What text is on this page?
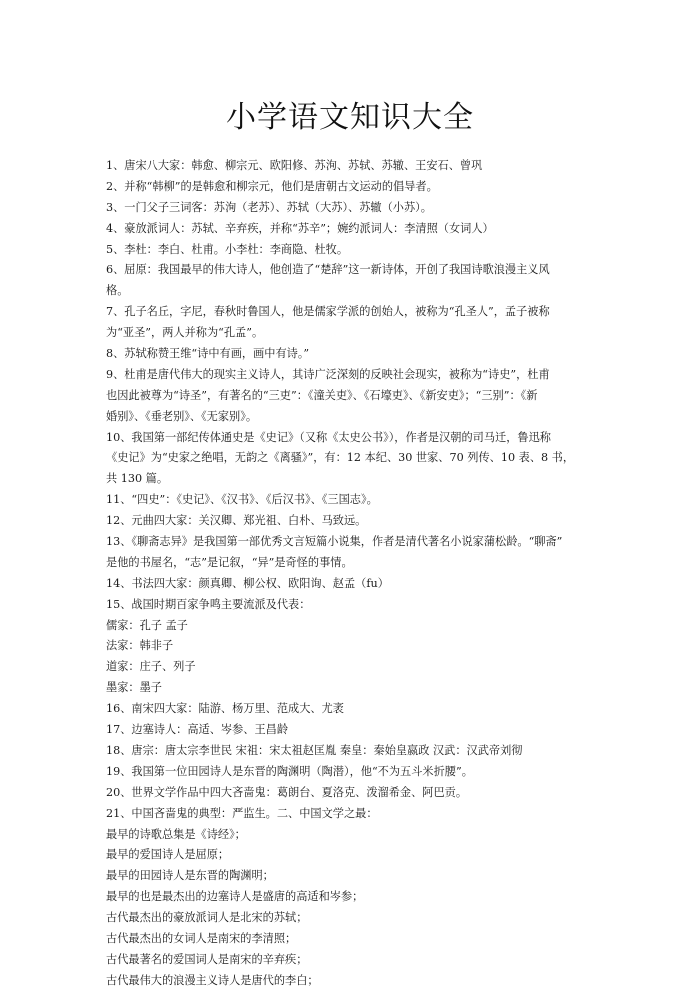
小学语文知识大全
1、唐宋八大家：韩愈、柳宗元、欧阳修、苏洵、苏轼、苏辙、王安石、曾巩
2、并称“韩柳”的是韩愈和柳宗元，他们是唐朝古文运动的倡导者。
3、一门父子三词客：苏洵（老苏）、苏轼（大苏）、苏辙（小苏）。
4、豪放派词人：苏轼、辛弃疾，并称“苏辛”；婉约派词人：李清照（女词人）
5、李杜：李白、杜甫。小李杜：李商隐、杜牧。
6、屈原：我国最早的伟大诗人，他创造了“楚辞”这一新诗体，开创了我国诗歌浪漫主义风
格。
7、孔子名丘，字尼，春秋时鲁国人，他是儒家学派的创始人，被称为“孔圣人”，孟子被称
为“亚圣”，两人并称为“孔孟”。
8、苏轼称赞王维“诗中有画，画中有诗。”
9、杜甫是唐代伟大的现实主义诗人，其诗广泛深刻的反映社会现实，被称为“诗史”，杜甫
也因此被尊为“诗圣”，有著名的“三吏”：《潼关吏》、《石壕吏》、《新安吏》；“三别”：《新
婚别》、《垂老别》、《无家别》。
10、我国第一部纪传体通史是《史记》（又称《太史公书》），作者是汉朝的司马迁，鲁迅称
《史记》为“史家之绝唱，无韵之《离骚》”，有：12 本纪、30 世家、70 列传、10 表、8 书，
共 130 篇。
11、“四史”：《史记》、《汉书》、《后汉书》、《三国志》。
12、元曲四大家：关汉卿、郑光祖、白朴、马致远。
13、《聊斋志异》是我国第一部优秀文言短篇小说集，作者是清代著名小说家蒲松龄。“聊斋”
是他的书屋名，“志”是记叙，“异”是奇怪的事情。
14、书法四大家：颜真卿、柳公权、欧阳询、赵孟（fu）
15、战国时期百家争鸣主要流派及代表：
儒家：孔子 孟子
法家：韩非子
道家：庄子、列子
墨家：墨子
16、南宋四大家：陆游、杨万里、范成大、尤袤
17、边塞诗人：高适、岑参、王昌龄
18、唐宗：唐太宗李世民 宋祖：宋太祖赵匡胤 秦皇：秦始皇嬴政 汉武：汉武帝刘彻
19、我国第一位田园诗人是东晋的陶渊明（陶潜），他“不为五斗米折腰”。
20、世界文学作品中四大吝啬鬼：葛朗台、夏洛克、泼溜希金、阿巴贡。
21、中国吝啬鬼的典型：严监生。二、中国文学之最：
最早的诗歌总集是《诗经》；
最早的爱国诗人是屈原；
最早的田园诗人是东晋的陶渊明；
最早的也是最杰出的边塞诗人是盛唐的高适和岑参；
古代最杰出的豪放派词人是北宋的苏轼；
古代最杰出的女词人是南宋的李清照；
古代最著名的爱国词人是南宋的辛弃疾；
古代最伟大的浪漫主义诗人是唐代的李白；
